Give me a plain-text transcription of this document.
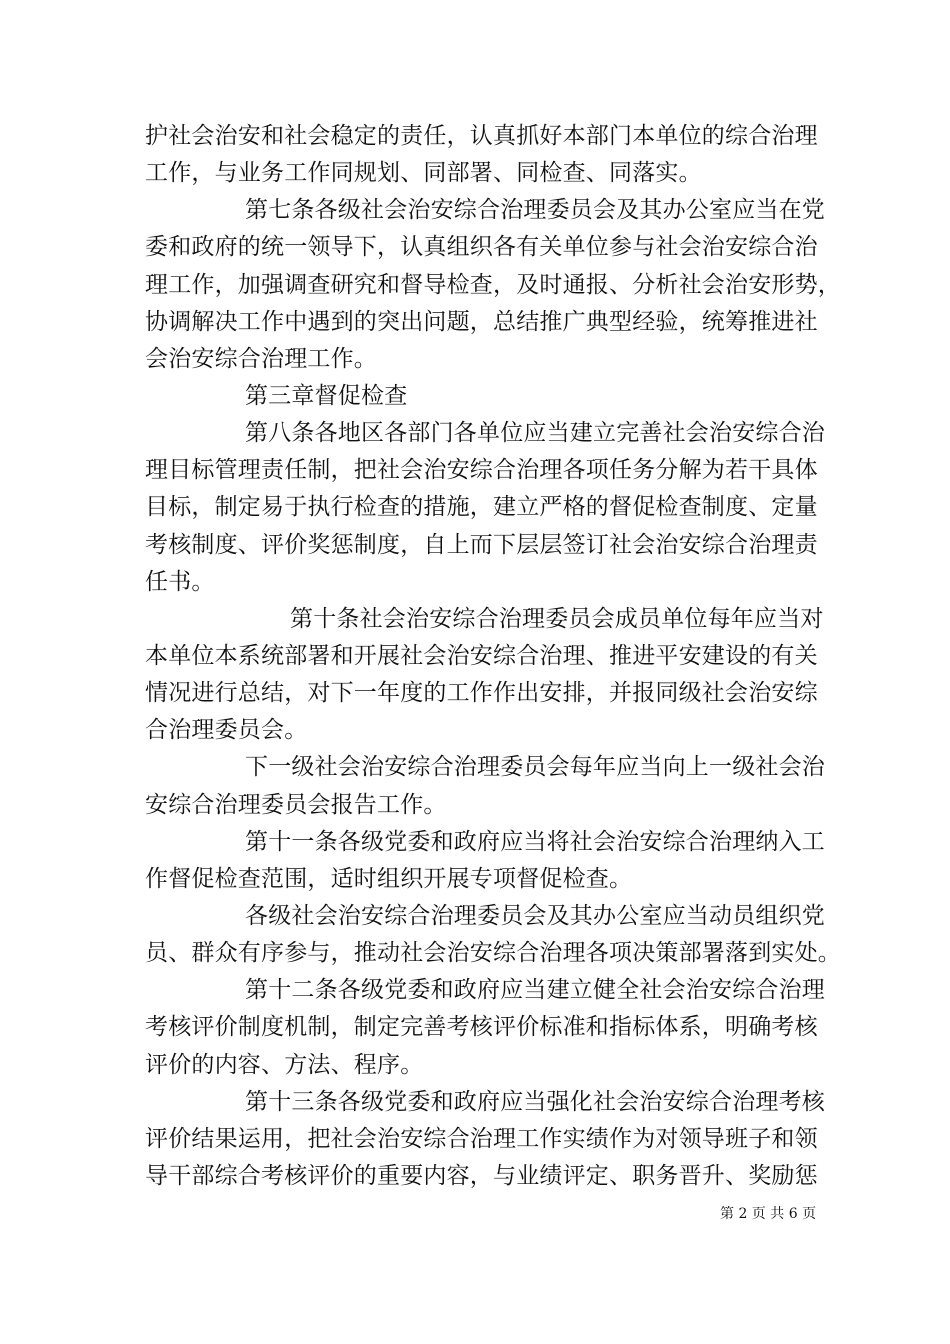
护社会治安和社会稳定的责任，认真抓好本部门本单位的综合治理
工作，与业务工作同规划、同部署、同检查、同落实。
第七条各级社会治安综合治理委员会及其办公室应当在党
委和政府的统一领导下，认真组织各有关单位参与社会治安综合治
理工作，加强调查研究和督导检查，及时通报、分析社会治安形势，
协调解决工作中遇到的突出问题，总结推广典型经验，统筹推进社
会治安综合治理工作。
第三章督促检查
第八条各地区各部门各单位应当建立完善社会治安综合治
理目标管理责任制，把社会治安综合治理各项任务分解为若干具体
目标，制定易于执行检查的措施，建立严格的督促检查制度、定量
考核制度、评价奖惩制度，自上而下层层签订社会治安综合治理责
任书。
第十条社会治安综合治理委员会成员单位每年应当对
本单位本系统部署和开展社会治安综合治理、推进平安建设的有关
情况进行总结，对下一年度的工作作出安排，并报同级社会治安综
合治理委员会。
下一级社会治安综合治理委员会每年应当向上一级社会治
安综合治理委员会报告工作。
第十一条各级党委和政府应当将社会治安综合治理纳入工
作督促检查范围，适时组织开展专项督促检查。
各级社会治安综合治理委员会及其办公室应当动员组织党
员、群众有序参与，推动社会治安综合治理各项决策部署落到实处。
第十二条各级党委和政府应当建立健全社会治安综合治理
考核评价制度机制，制定完善考核评价标准和指标体系，明确考核
评价的内容、方法、程序。
第十三条各级党委和政府应当强化社会治安综合治理考核
评价结果运用，把社会治安综合治理工作实绩作为对领导班子和领
导干部综合考核评价的重要内容，与业绩评定、职务晋升、奖励惩
第 2 页 共 6 页
